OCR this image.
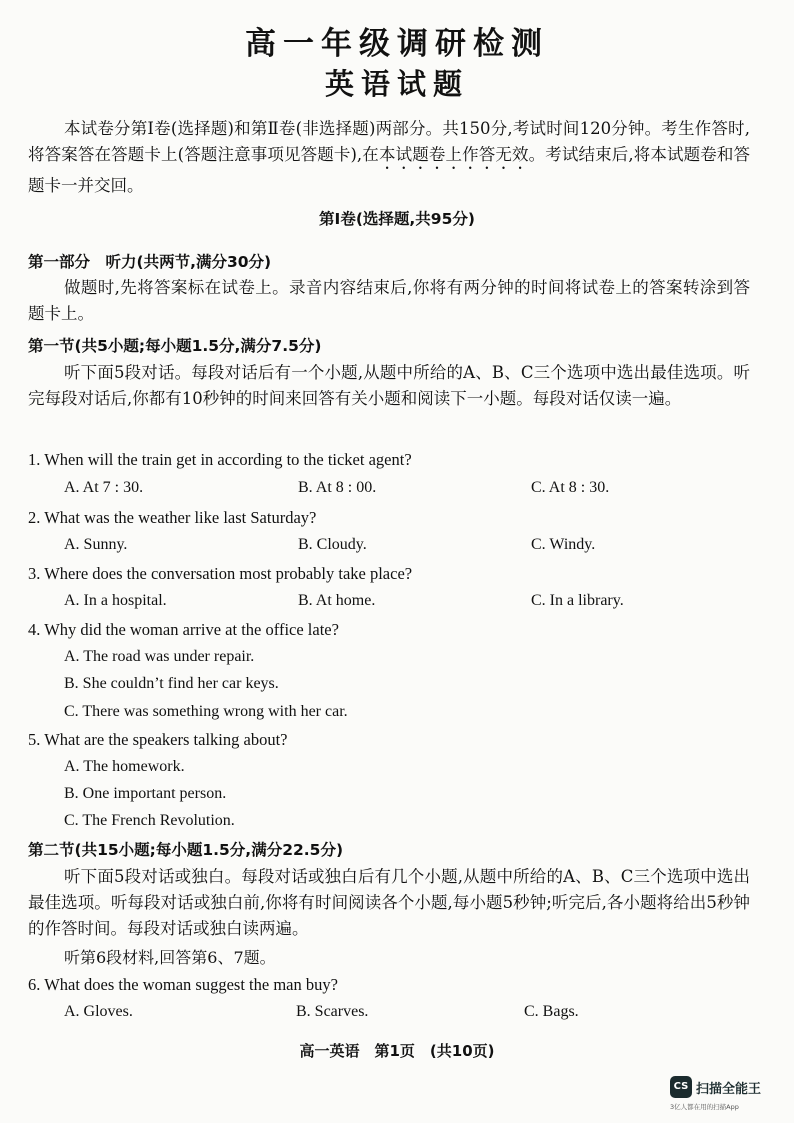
高一年级调研检测
英语试题
本试卷分第Ⅰ卷(选择题)和第Ⅱ卷(非选择题)两部分。共150分,考试时间120分钟。考生作答时,将答案答在答题卡上(答题注意事项见答题卡),在本试题卷上作答无效。考试结束后,将本试题卷和答题卡一并交回。
第Ⅰ卷(选择题,共95分)
第一部分　听力(共两节,满分30分)
做题时,先将答案标在试卷上。录音内容结束后,你将有两分钟的时间将试卷上的答案转涂到答题卡上。
第一节(共5小题;每小题1.5分,满分7.5分)
听下面5段对话。每段对话后有一个小题,从题中所给的A、B、C三个选项中选出最佳选项。听完每段对话后,你都有10秒钟的时间来回答有关小题和阅读下一小题。每段对话仅读一遍。
1. When will the train get in according to the ticket agent?
A. At 7 : 30.	B. At 8 : 00.	C. At 8 : 30.
2. What was the weather like last Saturday?
A. Sunny.	B. Cloudy.	C. Windy.
3. Where does the conversation most probably take place?
A. In a hospital.	B. At home.	C. In a library.
4. Why did the woman arrive at the office late?
A. The road was under repair.
B. She couldn’t find her car keys.
C. There was something wrong with her car.
5. What are the speakers talking about?
A. The homework.
B. One important person.
C. The French Revolution.
第二节(共15小题;每小题1.5分,满分22.5分)
听下面5段对话或独白。每段对话或独白后有几个小题,从题中所给的A、B、C三个选项中选出最佳选项。听每段对话或独白前,你将有时间阅读各个小题,每小题5秒钟;听完后,各小题将给出5秒钟的作答时间。每段对话或独白读两遍。
听第6段材料,回答第6、7题。
6. What does the woman suggest the man buy?
A. Gloves.	B. Scarves.	C. Bags.
高一英语　第1页　(共10页)
CS 扫描全能王
3亿人都在用的扫描App
